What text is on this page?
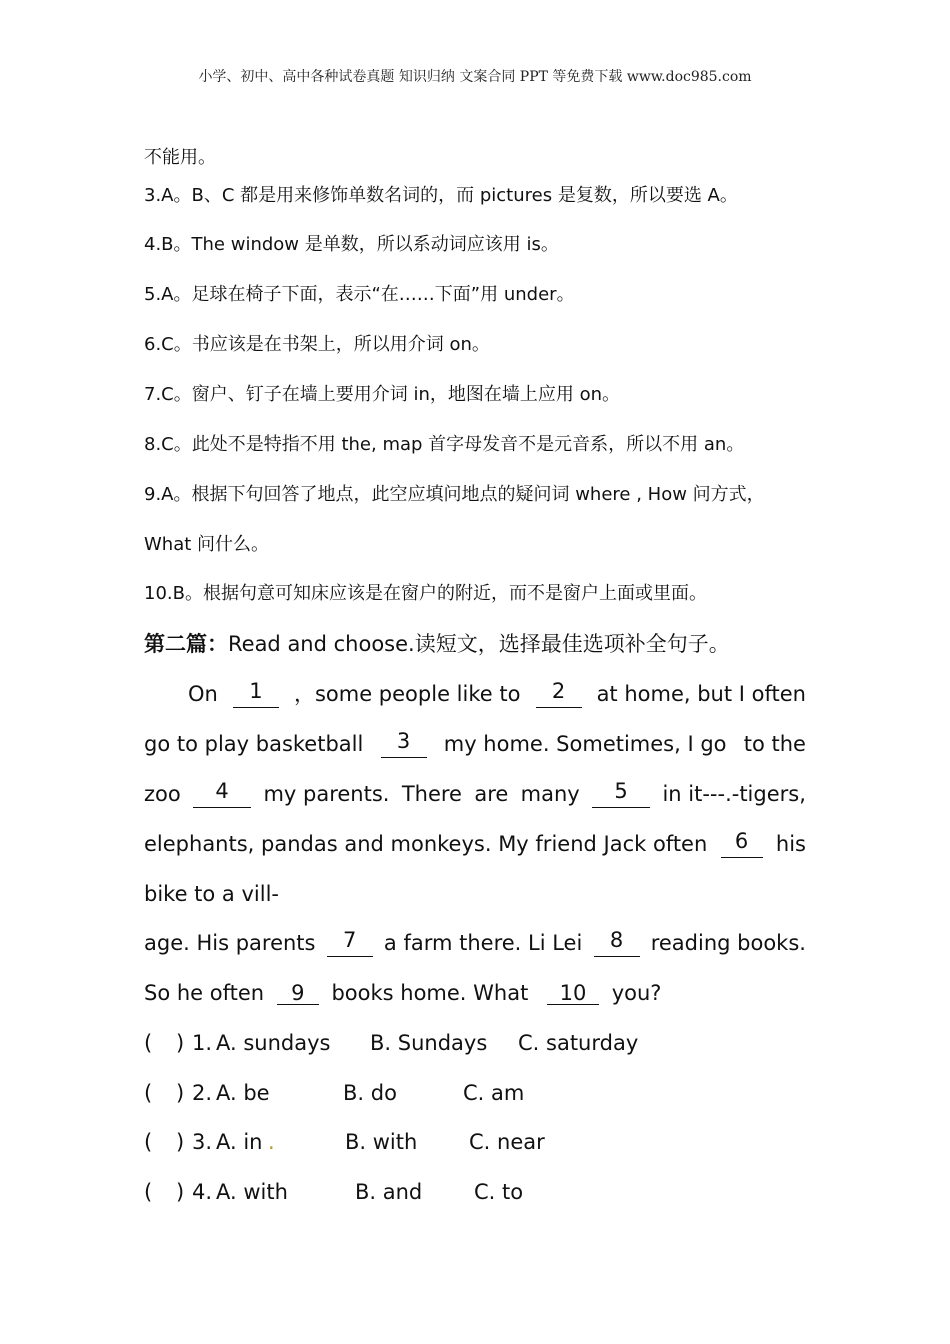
小学、初中、高中各种试卷真题 知识归纳 文案合同 PPT 等免费下载 www.doc985.com
不能用。
3.A。B、C 都是用来修饰单数名词的，而 pictures 是复数，所以要选 A。
4.B。The window 是单数，所以系动词应该用 is。
5.A。足球在椅子下面，表示“在……下面”用 under。
6.C。书应该是在书架上，所以用介词 on。
7.C。窗户、钉子在墙上要用介词 in，地图在墙上应用 on。
8.C。此处不是特指不用 the, map 首字母发音不是元音系，所以不用 an。
9.A。根据下句回答了地点，此空应填问地点的疑问词 where , How 问方式，
What 问什么。
10.B。根据句意可知床应该是在窗户的附近，而不是窗户上面或里面。
第二篇：Read and choose.读短文，选择最佳选项补全句子。
On	1	，some people like to	2	at home, but I often
go to play basketball	3	my home. Sometimes, I go to the
zoo	4	my parents. There are many	5	in it---.-tigers,
elephants, pandas and monkeys. My friend Jack often	6	his
bike to a vill-
age. His parents	7	a farm there. Li Lei	8	reading books.
So he often 9 books home. What 10 you?
( ) 1. A. sundays B. Sundays C. saturday
( ) 2. A. be	B. do	C. am
( ) 3. A. in .	B. with C. near
( ) 4. A. with	B. and C. to
